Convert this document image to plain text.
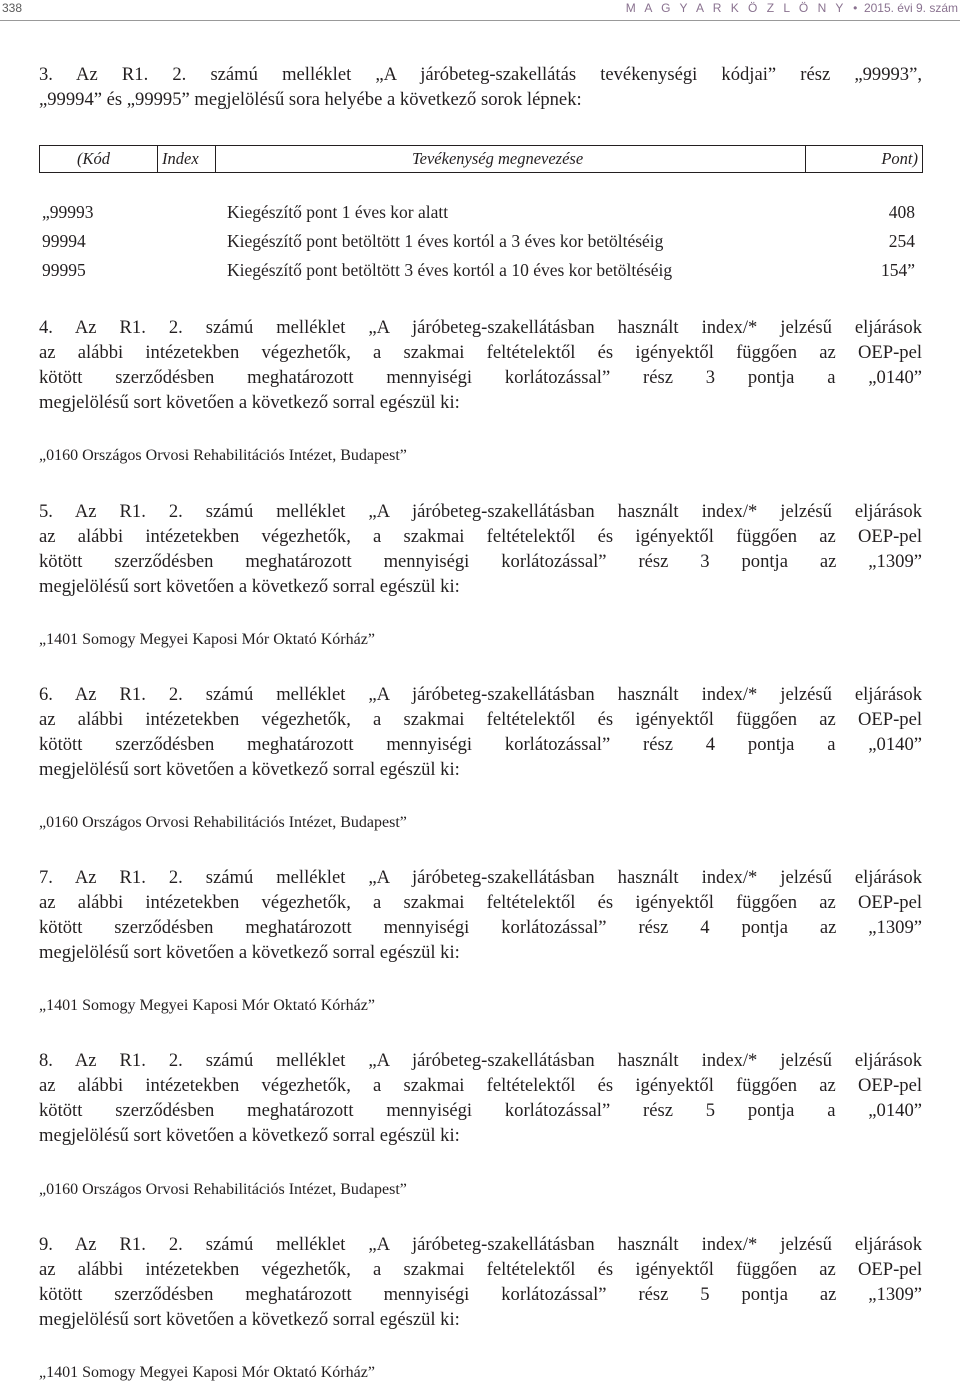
338	M A G Y A R K Ö Z L Ö N Y • 2015. évi 9. szám
3. Az R1. 2. számú melléklet „A járóbeteg-szakellátás tevékenységi kódjai” rész „99993”,
„99994” és „99995” megjelölésű sora helyébe a következő sorok lépnek:
(Kód	Index	Tevékenység megnevezése	Pont)
„99993	Kiegészítő pont 1 éves kor alatt	408
99994	Kiegészítő pont betöltött 1 éves kortól a 3 éves kor betöltéséig	254
99995	Kiegészítő pont betöltött 3 éves kortól a 10 éves kor betöltéséig	154”
4. Az R1. 2. számú melléklet „A járóbeteg-szakellátásban használt index/* jelzésű eljárások
az alábbi intézetekben végezhetők, a szakmai feltételektől és igényektől függően az OEP-pel
kötött szerződésben meghatározott mennyiségi korlátozással” rész 3 pontja a „0140”
megjelölésű sort követően a következő sorral egészül ki:
„0160 Országos Orvosi Rehabilitációs Intézet, Budapest”
5. Az R1. 2. számú melléklet „A járóbeteg-szakellátásban használt index/* jelzésű eljárások
az alábbi intézetekben végezhetők, a szakmai feltételektől és igényektől függően az OEP-pel
kötött szerződésben meghatározott mennyiségi korlátozással” rész 3 pontja az „1309”
megjelölésű sort követően a következő sorral egészül ki:
„1401 Somogy Megyei Kaposi Mór Oktató Kórház”
6. Az R1. 2. számú melléklet „A járóbeteg-szakellátásban használt index/* jelzésű eljárások
az alábbi intézetekben végezhetők, a szakmai feltételektől és igényektől függően az OEP-pel
kötött szerződésben meghatározott mennyiségi korlátozással” rész 4 pontja a „0140”
megjelölésű sort követően a következő sorral egészül ki:
„0160 Országos Orvosi Rehabilitációs Intézet, Budapest”
7. Az R1. 2. számú melléklet „A járóbeteg-szakellátásban használt index/* jelzésű eljárások
az alábbi intézetekben végezhetők, a szakmai feltételektől és igényektől függően az OEP-pel
kötött szerződésben meghatározott mennyiségi korlátozással” rész 4 pontja az „1309”
megjelölésű sort követően a következő sorral egészül ki:
„1401 Somogy Megyei Kaposi Mór Oktató Kórház”
8. Az R1. 2. számú melléklet „A járóbeteg-szakellátásban használt index/* jelzésű eljárások
az alábbi intézetekben végezhetők, a szakmai feltételektől és igényektől függően az OEP-pel
kötött szerződésben meghatározott mennyiségi korlátozással” rész 5 pontja a „0140”
megjelölésű sort követően a következő sorral egészül ki:
„0160 Országos Orvosi Rehabilitációs Intézet, Budapest”
9. Az R1. 2. számú melléklet „A járóbeteg-szakellátásban használt index/* jelzésű eljárások
az alábbi intézetekben végezhetők, a szakmai feltételektől és igényektől függően az OEP-pel
kötött szerződésben meghatározott mennyiségi korlátozással” rész 5 pontja az „1309”
megjelölésű sort követően a következő sorral egészül ki:
„1401 Somogy Megyei Kaposi Mór Oktató Kórház”
